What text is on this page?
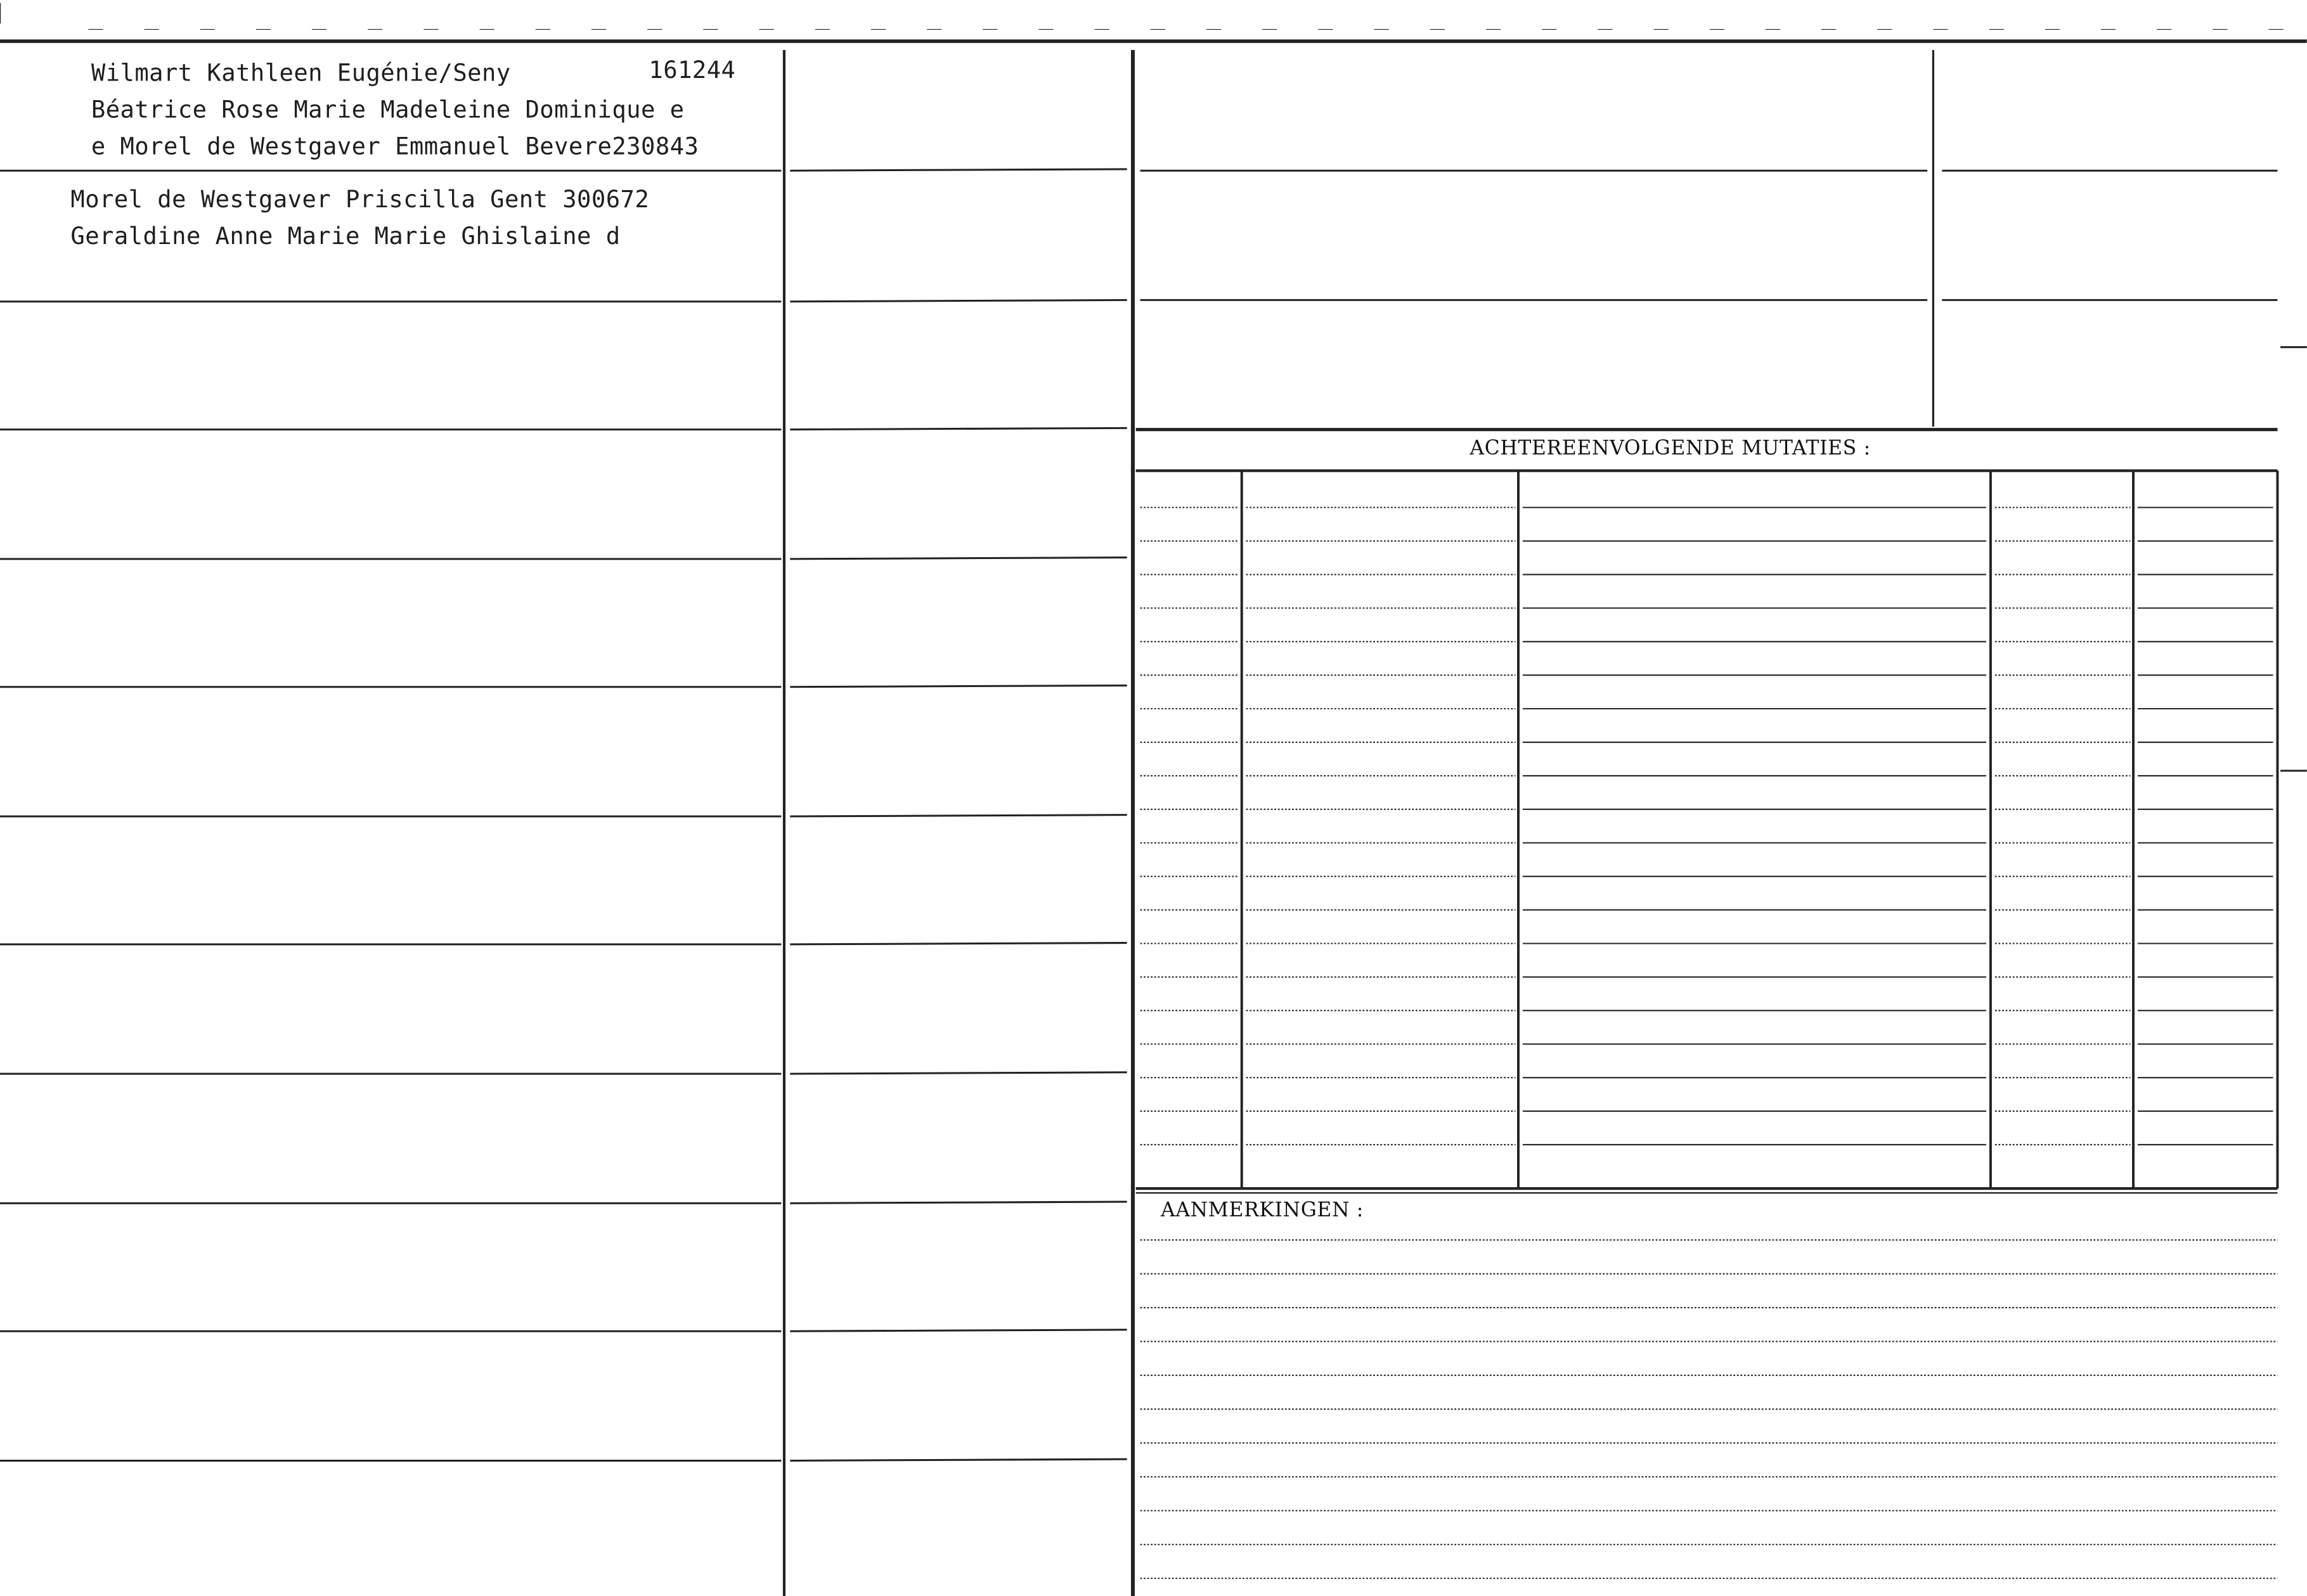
Wilmart Kathleen Eugénie/Seny	161244
Béatrice Rose Marie Madeleine Dominique e
e Morel de Westgaver Emmanuel Bevere230843
Morel de Westgaver Priscilla Gent 300672
Geraldine Anne Marie Marie Ghislaine d
ACHTEREENVOLGENDE MUTATIES :
AANMERKINGEN :
